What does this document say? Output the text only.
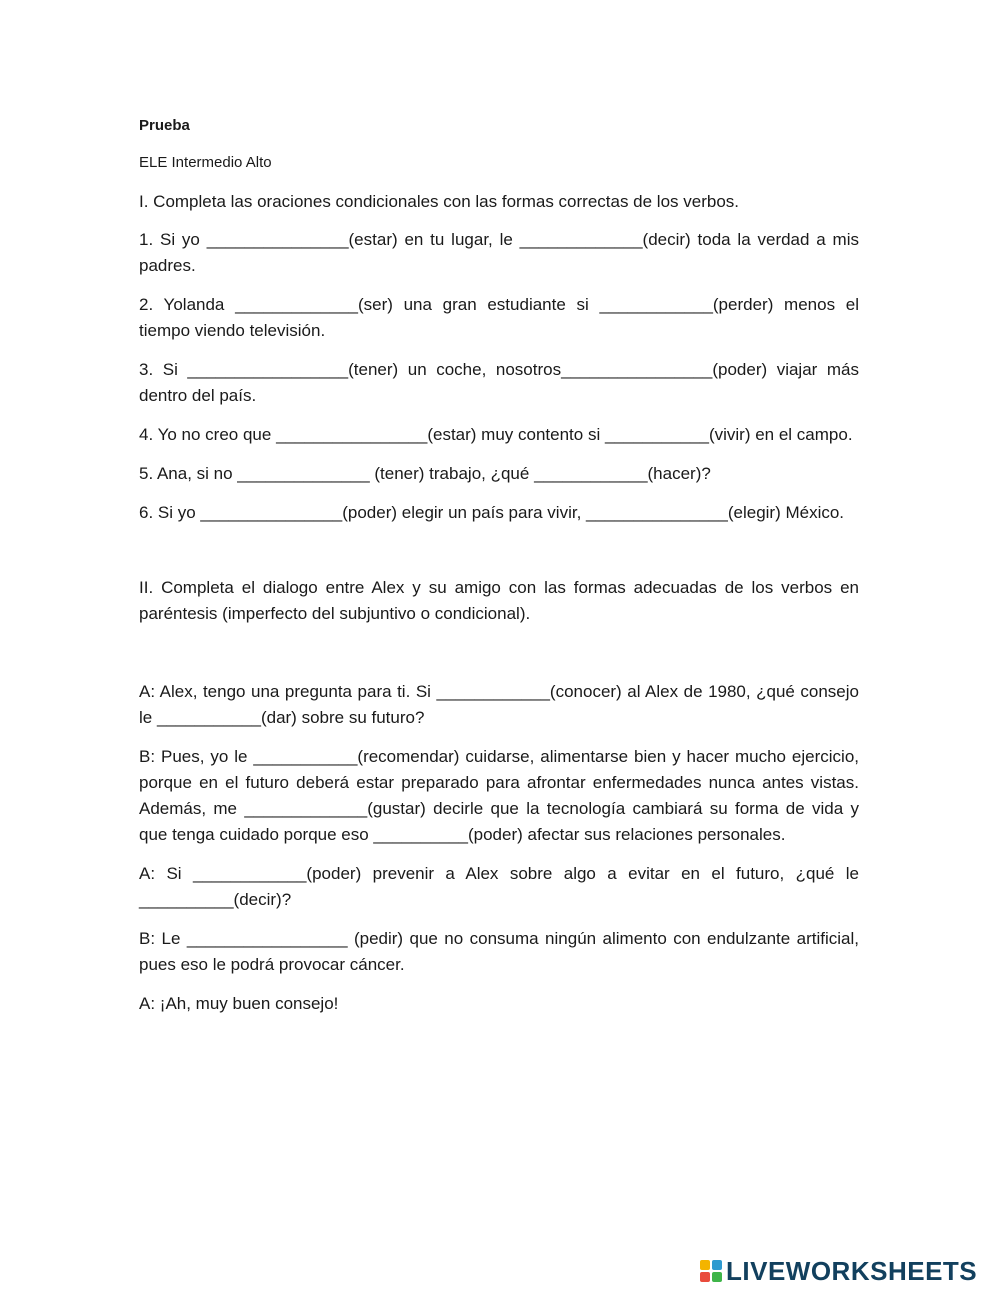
Prueba

ELE Intermedio Alto

I. Completa las oraciones condicionales con las formas correctas de los verbos.

1. Si yo _______________(estar) en tu lugar, le _____________(decir) toda la verdad a mis padres.

2. Yolanda _____________(ser) una gran estudiante si ____________(perder) menos el tiempo viendo televisión.

3. Si _________________(tener) un coche, nosotros________________(poder) viajar más dentro del país.

4. Yo no creo que ________________(estar) muy contento si ___________(vivir) en el campo.

5. Ana, si no ______________ (tener) trabajo, ¿qué ____________(hacer)?

6. Si yo _______________(poder) elegir un país para vivir, _______________(elegir) México.

II. Completa el dialogo entre Alex y su amigo con las formas adecuadas de los verbos en paréntesis (imperfecto del subjuntivo o condicional).

A: Alex, tengo una pregunta para ti. Si ____________(conocer) al Alex de 1980, ¿qué consejo le ___________(dar) sobre su futuro?

B: Pues, yo le ___________(recomendar) cuidarse, alimentarse bien y hacer mucho ejercicio, porque en el futuro deberá estar preparado para afrontar enfermedades nunca antes vistas. Además, me _____________(gustar) decirle que la tecnología cambiará su forma de vida y que tenga cuidado porque eso __________(poder) afectar sus relaciones personales.

A: Si ____________(poder) prevenir a Alex sobre algo a evitar en el futuro, ¿qué le __________(decir)?

B: Le _________________ (pedir) que no consuma ningún alimento con endulzante artificial, pues eso le podrá provocar cáncer.

A: ¡Ah, muy buen consejo!

LIVEWORKSHEETS
